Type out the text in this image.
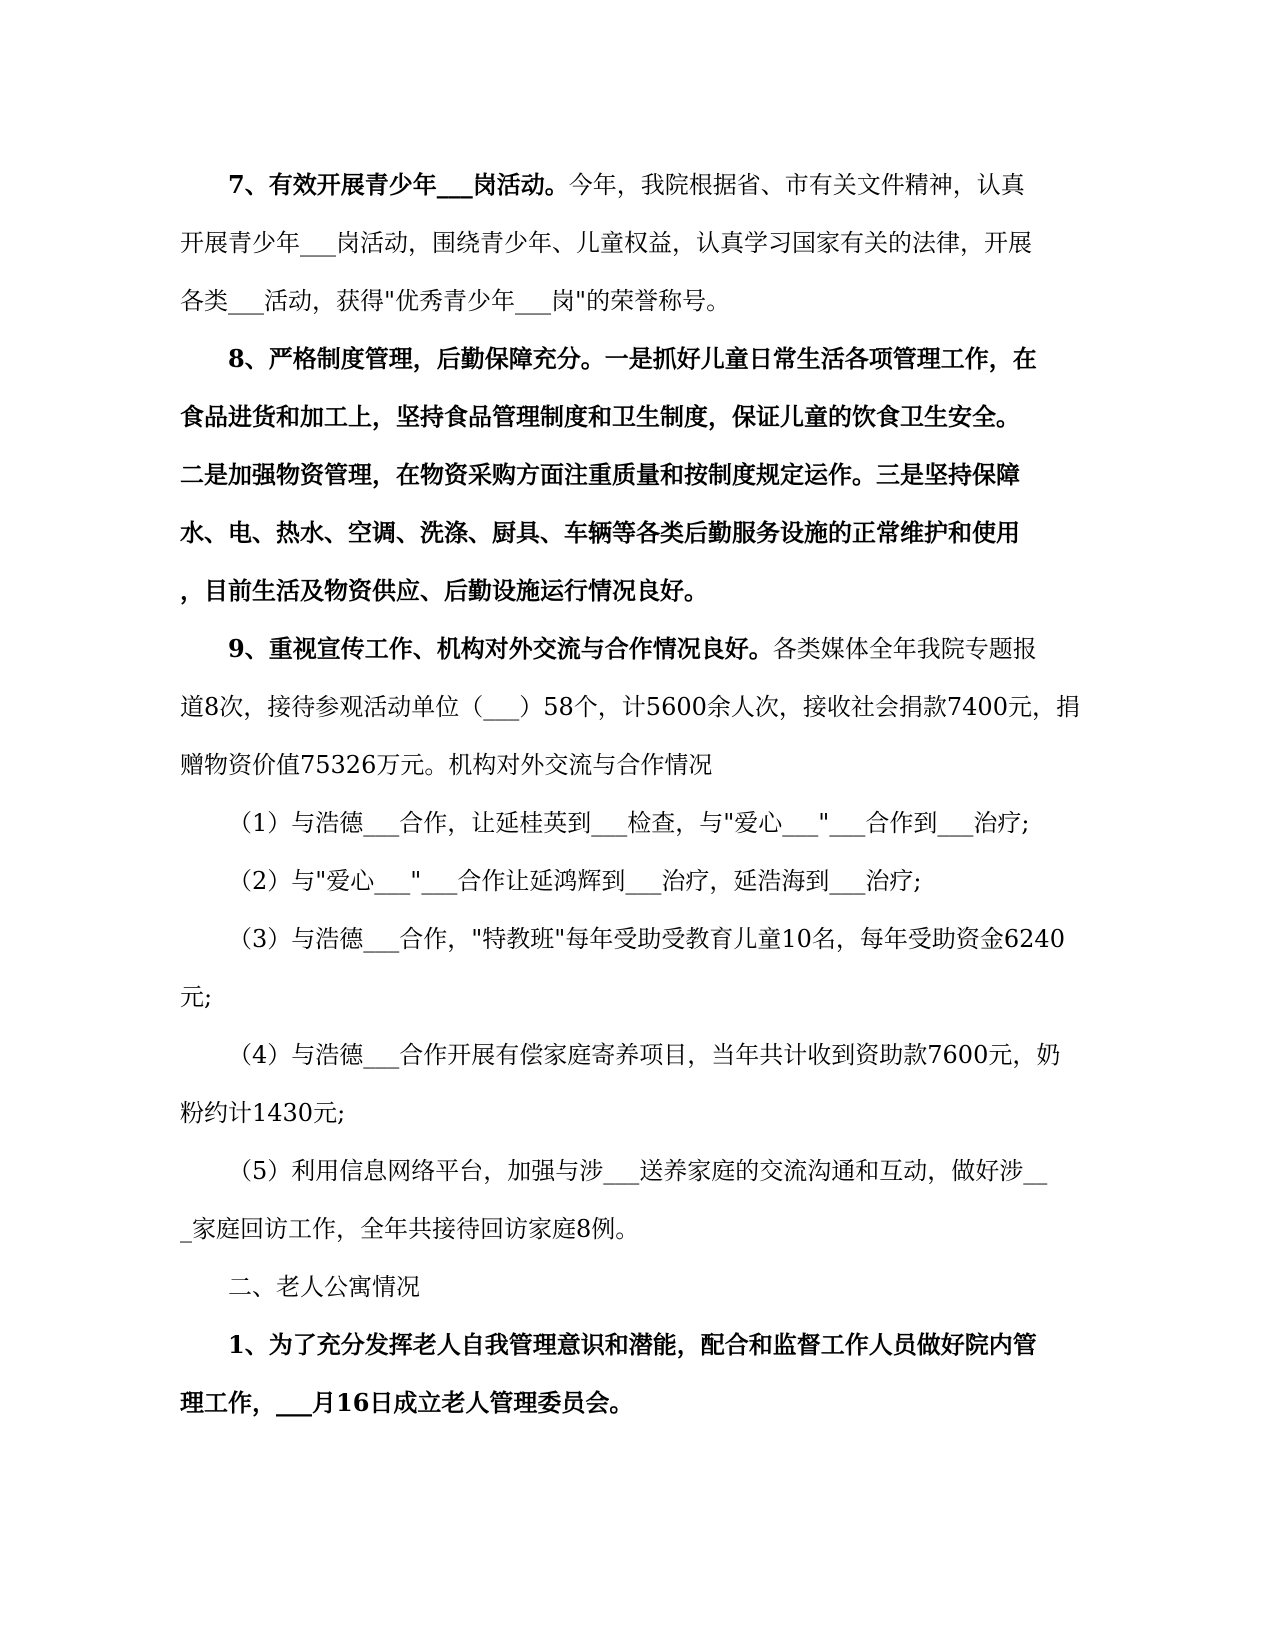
7、有效开展青少年___岗活动。今年，我院根据省、市有关文件精神，认真
开展青少年___岗活动，围绕青少年、儿童权益，认真学习国家有关的法律，开展
各类___活动，获得"优秀青少年___岗"的荣誉称号。
8、严格制度管理，后勤保障充分。一是抓好儿童日常生活各项管理工作，在
食品进货和加工上，坚持食品管理制度和卫生制度，保证儿童的饮食卫生安全。
二是加强物资管理，在物资采购方面注重质量和按制度规定运作。三是坚持保障
水、电、热水、空调、洗涤、厨具、车辆等各类后勤服务设施的正常维护和使用
，目前生活及物资供应、后勤设施运行情况良好。
9、重视宣传工作、机构对外交流与合作情况良好。各类媒体全年我院专题报
道8次，接待参观活动单位（___）58个，计5600余人次，接收社会捐款7400元，捐
赠物资价值75326万元。机构对外交流与合作情况
（1）与浩德___合作，让延桂英到___检查，与"爱心___"___合作到___治疗;
（2）与"爱心___"___合作让延鸿辉到___治疗，延浩海到___治疗;
（3）与浩德___合作，"特教班"每年受助受教育儿童10名，每年受助资金6240
元;
（4）与浩德___合作开展有偿家庭寄养项目，当年共计收到资助款7600元，奶
粉约计1430元;
（5）利用信息网络平台，加强与涉___送养家庭的交流沟通和互动，做好涉__
_家庭回访工作，全年共接待回访家庭8例。
二、老人公寓情况
1、为了充分发挥老人自我管理意识和潜能，配合和监督工作人员做好院内管
理工作，___月16日成立老人管理委员会。
